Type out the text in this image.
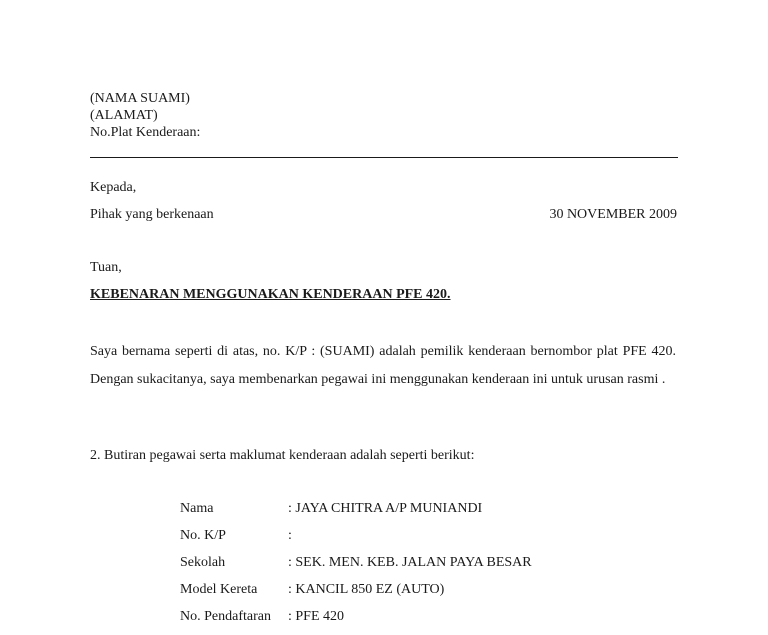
(NAMA SUAMI)
(ALAMAT)
No.Plat Kenderaan:
Kepada,
Pihak yang berkenaan	30 NOVEMBER 2009
Tuan,
KEBENARAN MENGGUNAKAN KENDERAAN PFE 420.
Saya bernama seperti di atas, no. K/P : (SUAMI) adalah pemilik kenderaan bernombor plat PFE 420. Dengan sukacitanya, saya membenarkan pegawai ini menggunakan kenderaan ini untuk urusan rasmi .
2. Butiran pegawai serta maklumat kenderaan adalah seperti berikut:
Nama	: JAYA CHITRA A/P MUNIANDI
No. K/P	:
Sekolah	: SEK. MEN. KEB. JALAN PAYA BESAR
Model Kereta : KANCIL 850 EZ (AUTO)
No. Pendaftaran : PFE 420
